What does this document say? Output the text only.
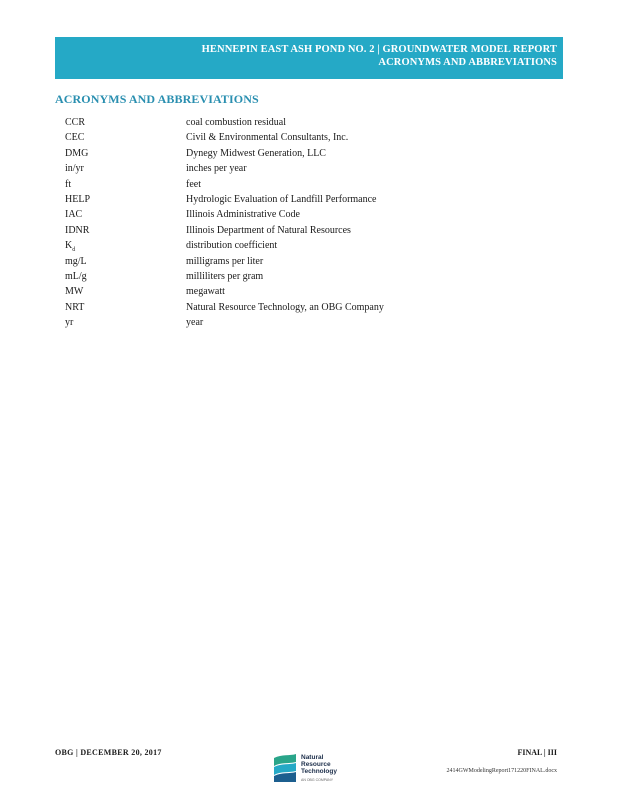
HENNEPIN EAST ASH POND NO. 2 | GROUNDWATER MODEL REPORT
ACRONYMS AND ABBREVIATIONS
ACRONYMS AND ABBREVIATIONS
CCR	coal combustion residual
CEC	Civil & Environmental Consultants, Inc.
DMG	Dynegy Midwest Generation, LLC
in/yr	inches per year
ft	feet
HELP	Hydrologic Evaluation of Landfill Performance
IAC	Illinois Administrative Code
IDNR	Illinois Department of Natural Resources
$K_d$	distribution coefficient
mg/L	milligrams per liter
mL/g	milliliters per gram
MW	megawatt
NRT	Natural Resource Technology, an OBG Company
yr	year
OBG | DECEMBER 20, 2017
Natural
Resource
Technology
AN OBG COMPANY
FINAL | III
2414GWModelingReport171220FINAL.docx
